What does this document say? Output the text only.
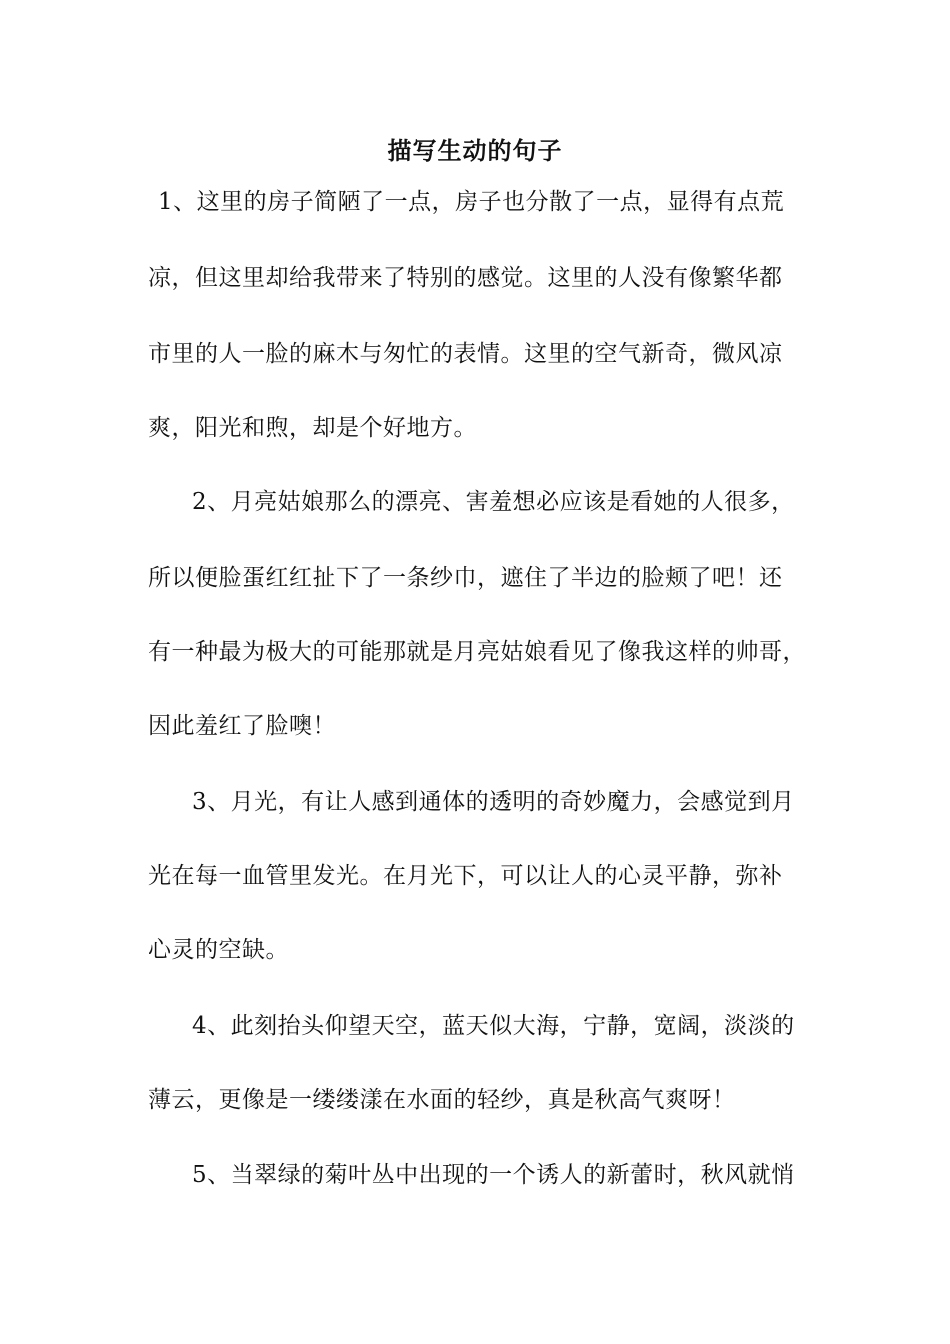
描写生动的句子
1、这里的房子简陋了一点，房子也分散了一点，显得有点荒
凉，但这里却给我带来了特别的感觉。这里的人没有像繁华都
市里的人一脸的麻木与匆忙的表情。这里的空气新奇，微风凉
爽，阳光和煦，却是个好地方。
2、月亮姑娘那么的漂亮、害羞想必应该是看她的人很多，
所以便脸蛋红红扯下了一条纱巾，遮住了半边的脸颊了吧！还
有一种最为极大的可能那就是月亮姑娘看见了像我这样的帅哥，
因此羞红了脸噢！
3、月光，有让人感到通体的透明的奇妙魔力，会感觉到月
光在每一血管里发光。在月光下，可以让人的心灵平静，弥补
心灵的空缺。
4、此刻抬头仰望天空，蓝天似大海，宁静，宽阔，淡淡的
薄云，更像是一缕缕漾在水面的轻纱，真是秋高气爽呀！
5、当翠绿的菊叶丛中出现的一个诱人的新蕾时，秋风就悄
